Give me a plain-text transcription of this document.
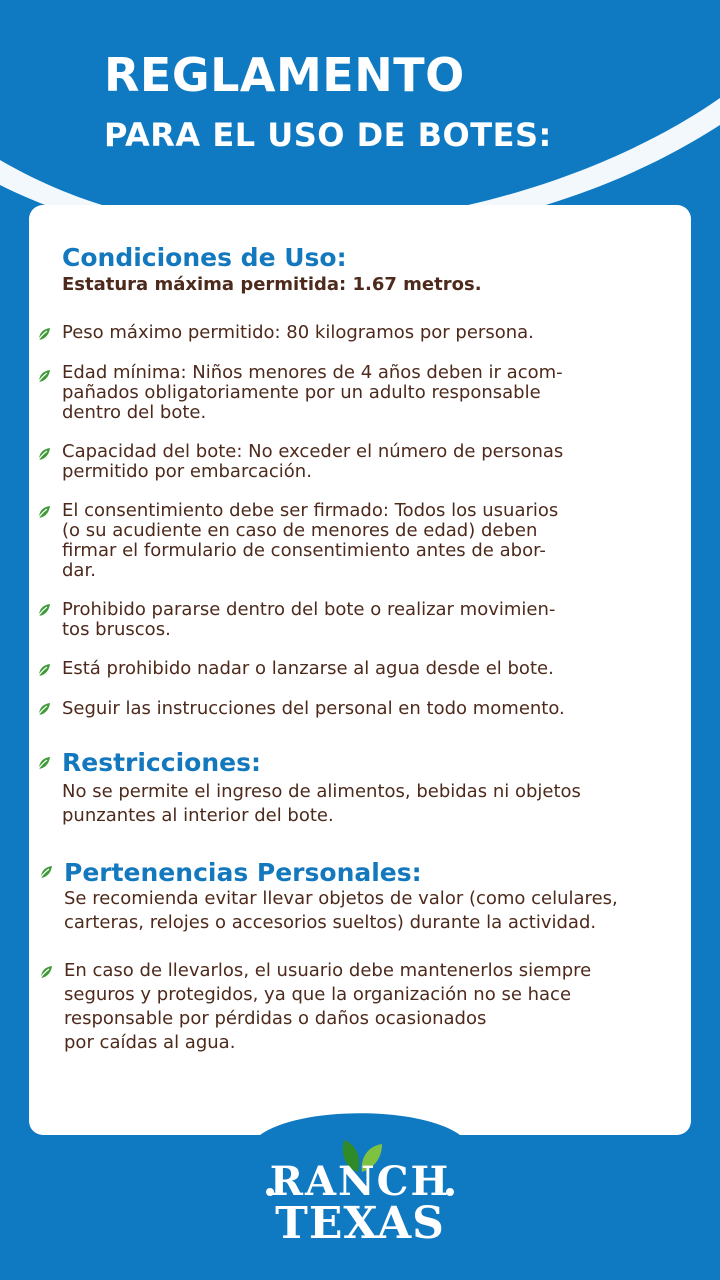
REGLAMENTO
PARA EL USO DE BOTES:
Condiciones de Uso:

Estatura máxima permitida: 1.67 metros.

Peso máximo permitido: 80 kilogramos por persona.

Edad mínima: Niños menores de 4 años deben ir acom-
pañados obligatoriamente por un adulto responsable
dentro del bote.

Capacidad del bote: No exceder el número de personas
permitido por embarcación.

El consentimiento debe ser firmado: Todos los usuarios
(o su acudiente en caso de menores de edad) deben
firmar el formulario de consentimiento antes de abor-
dar.

Prohibido pararse dentro del bote o realizar movimien-
tos bruscos.

Está prohibido nadar o lanzarse al agua desde el bote.

Seguir las instrucciones del personal en todo momento.

Restricciones:

No se permite el ingreso de alimentos, bebidas ni objetos
punzantes al interior del bote.

Pertenencias Personales:

Se recomienda evitar llevar objetos de valor (como celulares,
carteras, relojes o accesorios sueltos) durante la actividad.

En caso de llevarlos, el usuario debe mantenerlos siempre
seguros y protegidos, ya que la organización no se hace
responsable por pérdidas o daños ocasionados
por caídas al agua.

RANCH
TEXAS
